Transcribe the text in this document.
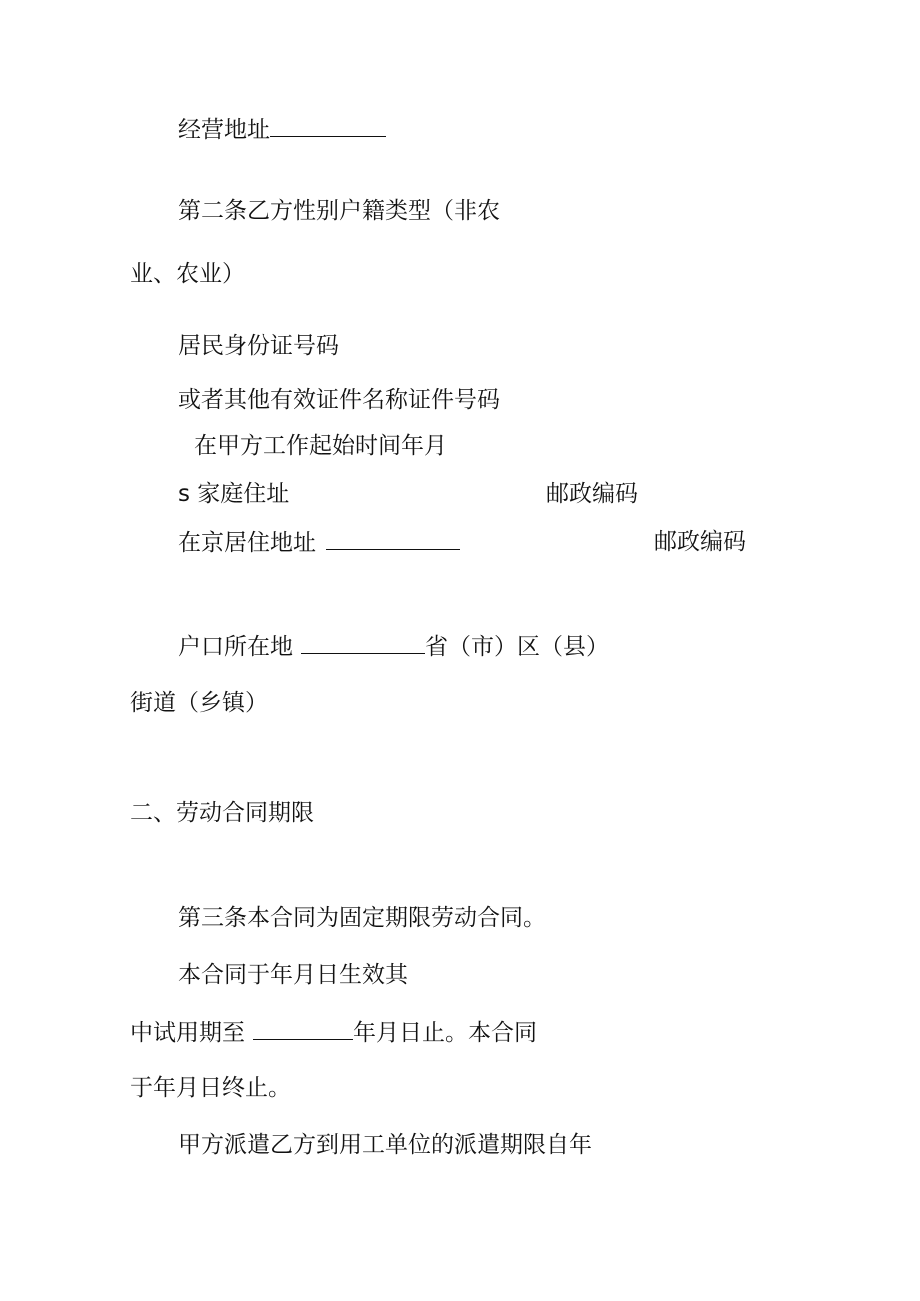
经营地址
第二条乙方性别户籍类型（非农
业、农业）
居民身份证号码
或者其他有效证件名称证件号码
在甲方工作起始时间年月
s 家庭住址	邮政编码
在京居住地址	邮政编码
户口所在地	省（市）区（县）
街道（乡镇）
二、劳动合同期限
第三条本合同为固定期限劳动合同。
本合同于年月日生效其
中试用期至	年月日止。本合同
于年月日终止。
甲方派遣乙方到用工单位的派遣期限自年
